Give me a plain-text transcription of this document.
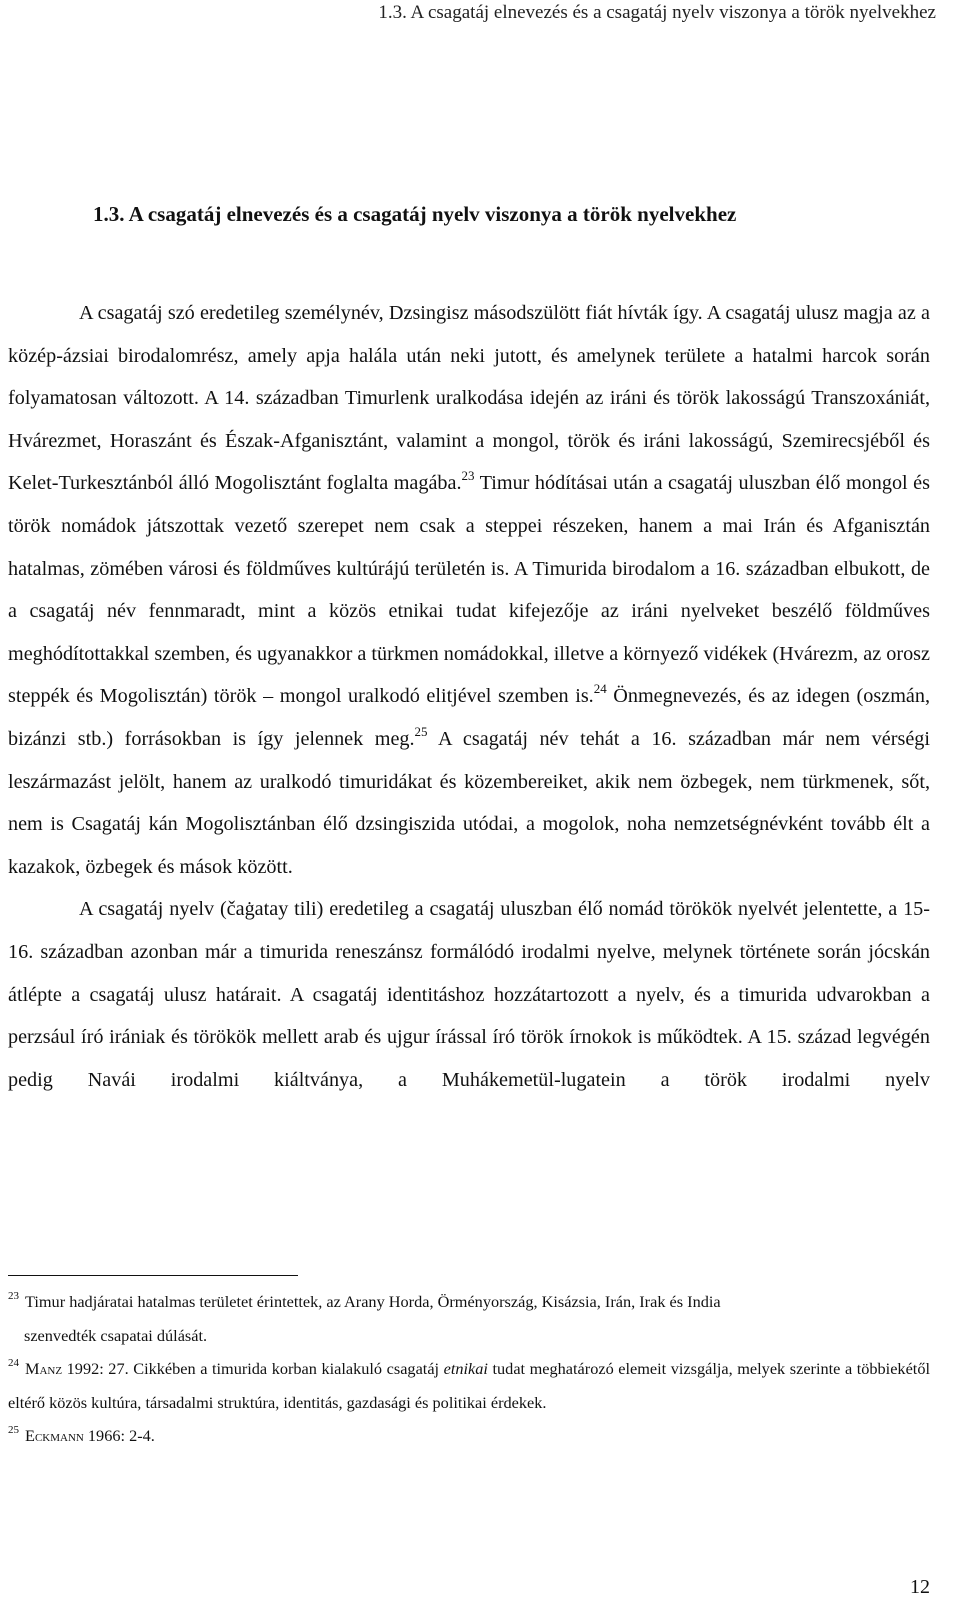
1.3. A csagatáj elnevezés és a csagatáj nyelv viszonya a török nyelvekhez
1.3. A csagatáj elnevezés és a csagatáj nyelv viszonya a török nyelvekhez

A csagatáj szó eredetileg személynév, Dzsingisz másodszülött fiát hívták így. A csagatáj ulusz magja az a közép-ázsiai birodalomrész, amely apja halála után neki jutott, és amelynek területe a hatalmi harcok során folyamatosan változott. A 14. században Timurlenk uralkodása idején az iráni és török lakosságú Transzoxániát, Hvárezmet, Horaszánt és Észak-Afganisztánt, valamint a mongol, török és iráni lakosságú, Szemirecsjéből és Kelet-Turkesztánból álló Mogolisztánt foglalta magába.$^{23}$ Timur hódításai után a csagatáj uluszban élő mongol és török nomádok játszottak vezető szerepet nem csak a steppei részeken, hanem a mai Irán és Afganisztán hatalmas, zömében városi és földműves kultúrájú területén is. A Timurida birodalom a 16. században elbukott, de a csagatáj név fennmaradt, mint a közös etnikai tudat kifejezője az iráni nyelveket beszélő földműves meghódítottakkal szemben, és ugyanakkor a türkmen nomádokkal, illetve a környező vidékek (Hvárezm, az orosz steppék és Mogolisztán) török – mongol uralkodó elitjével szemben is.$^{24}$ Önmegnevezés, és az idegen (oszmán, bizánzi stb.) forrásokban is így jelennek meg.$^{25}$ A csagatáj név tehát a 16. században már nem vérségi leszármazást jelölt, hanem az uralkodó timuridákat és közembereiket, akik nem özbegek, nem türkmenek, sőt, nem is Csagatáj kán Mogolisztánban élő dzsingiszida utódai, a mogolok, noha nemzetségnévként tovább élt a kazakok, özbegek és mások között.

A csagatáj nyelv (čaġatay tili) eredetileg a csagatáj uluszban élő nomád törökök nyelvét jelentette, a 15-16. században azonban már a timurida reneszánsz formálódó irodalmi nyelve, melynek története során jócskán átlépte a csagatáj ulusz határait. A csagatáj identitáshoz hozzátartozott a nyelv, és a timurida udvarokban a perzsául író irániak és törökök mellett arab és ujgur írással író török írnokok is működtek. A 15. század legvégén pedig Navái irodalmi kiáltványa, a Muhákemetül-lugatein a török irodalmi nyelv

$^{23}$ Timur hadjáratai hatalmas területet érintettek, az Arany Horda, Örményország, Kisázsia, Irán, Irak és India

szenvedték csapatai dúlását.

$^{24}$ Manz 1992: 27. Cikkében a timurida korban kialakuló csagatáj etnikai tudat meghatározó elemeit vizsgálja, melyek szerinte a többiekétől eltérő közös kultúra, társadalmi struktúra, identitás, gazdasági és politikai érdekek.

$^{25}$ Eckmann 1966: 2-4.

12
